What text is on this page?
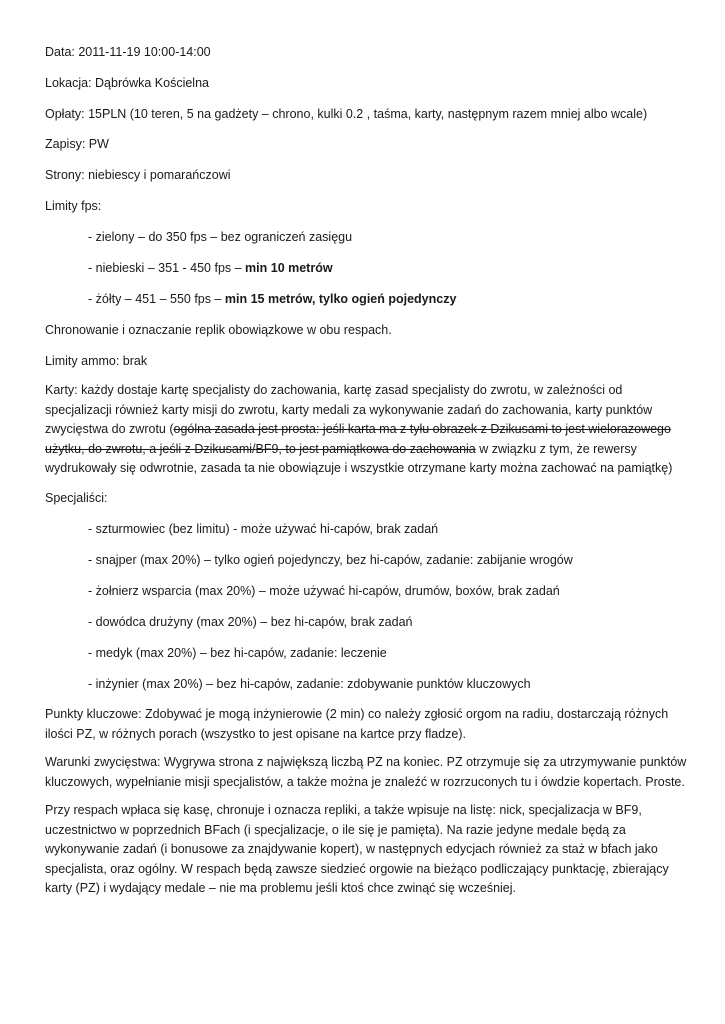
Data: 2011-11-19 10:00-14:00
Lokacja: Dąbrówka Kościelna
Opłaty: 15PLN (10 teren, 5 na gadżety – chrono, kulki 0.2 , taśma, karty, następnym razem mniej albo wcale)
Zapisy: PW
Strony: niebiescy i pomarańczowi
Limity fps:
- zielony – do 350 fps – bez ograniczeń zasięgu
- niebieski – 351 - 450 fps – min 10 metrów
- żółty – 451 – 550 fps – min 15 metrów, tylko ogień pojedynczy
Chronowanie i oznaczanie replik obowiązkowe w obu respach.
Limity ammo: brak
Karty: każdy dostaje kartę specjalisty do zachowania, kartę zasad specjalisty do zwrotu, w zależności od specjalizacji również karty misji do zwrotu, karty medali za wykonywanie zadań do zachowania, karty punktów zwycięstwa do zwrotu (ogólna zasada jest prosta: jeśli karta ma z tyłu obrazek z Dzikusami to jest wielorazowego użytku, do zwrotu, a jeśli z Dzikusami/BF9, to jest pamiątkowa do zachowania w związku z tym, że rewersy wydrukowały się odwrotnie, zasada ta nie obowiązuje i wszystkie otrzymane karty można zachować na pamiątkę)
Specjaliści:
- szturmowiec (bez limitu) - może używać hi-capów, brak zadań
- snajper (max 20%) – tylko ogień pojedynczy, bez hi-capów, zadanie: zabijanie wrogów
- żołnierz wsparcia (max 20%) – może używać hi-capów, drumów, boxów, brak zadań
- dowódca drużyny (max 20%) – bez hi-capów, brak zadań
- medyk (max 20%) – bez hi-capów, zadanie: leczenie
- inżynier (max 20%) – bez hi-capów, zadanie: zdobywanie punktów kluczowych
Punkty kluczowe: Zdobywać je mogą inżynierowie (2 min) co należy zgłosić orgom na radiu, dostarczają różnych ilości PZ, w różnych porach (wszystko to jest opisane na kartce przy fladze).
Warunki zwycięstwa: Wygrywa strona z największą liczbą PZ na koniec. PZ otrzymuje się za utrzymywanie punktów kluczowych, wypełnianie misji specjalistów, a także można je znaleźć w rozrzuconych tu i ówdzie kopertach. Proste.
Przy respach wpłaca się kasę, chronuje i oznacza repliki, a także wpisuje na listę: nick, specjalizacja w BF9, uczestnictwo w poprzednich BFach (i specjalizacje, o ile się je pamięta). Na razie jedyne medale będą za wykonywanie zadań (i bonusowe za znajdywanie kopert), w następnych edycjach również za staż w bfach jako specjalista, oraz ogólny. W respach będą zawsze siedzieć orgowie na bieżąco podliczający punktację, zbierający karty (PZ) i wydający medale – nie ma problemu jeśli ktoś chce zwinąć się wcześniej.
